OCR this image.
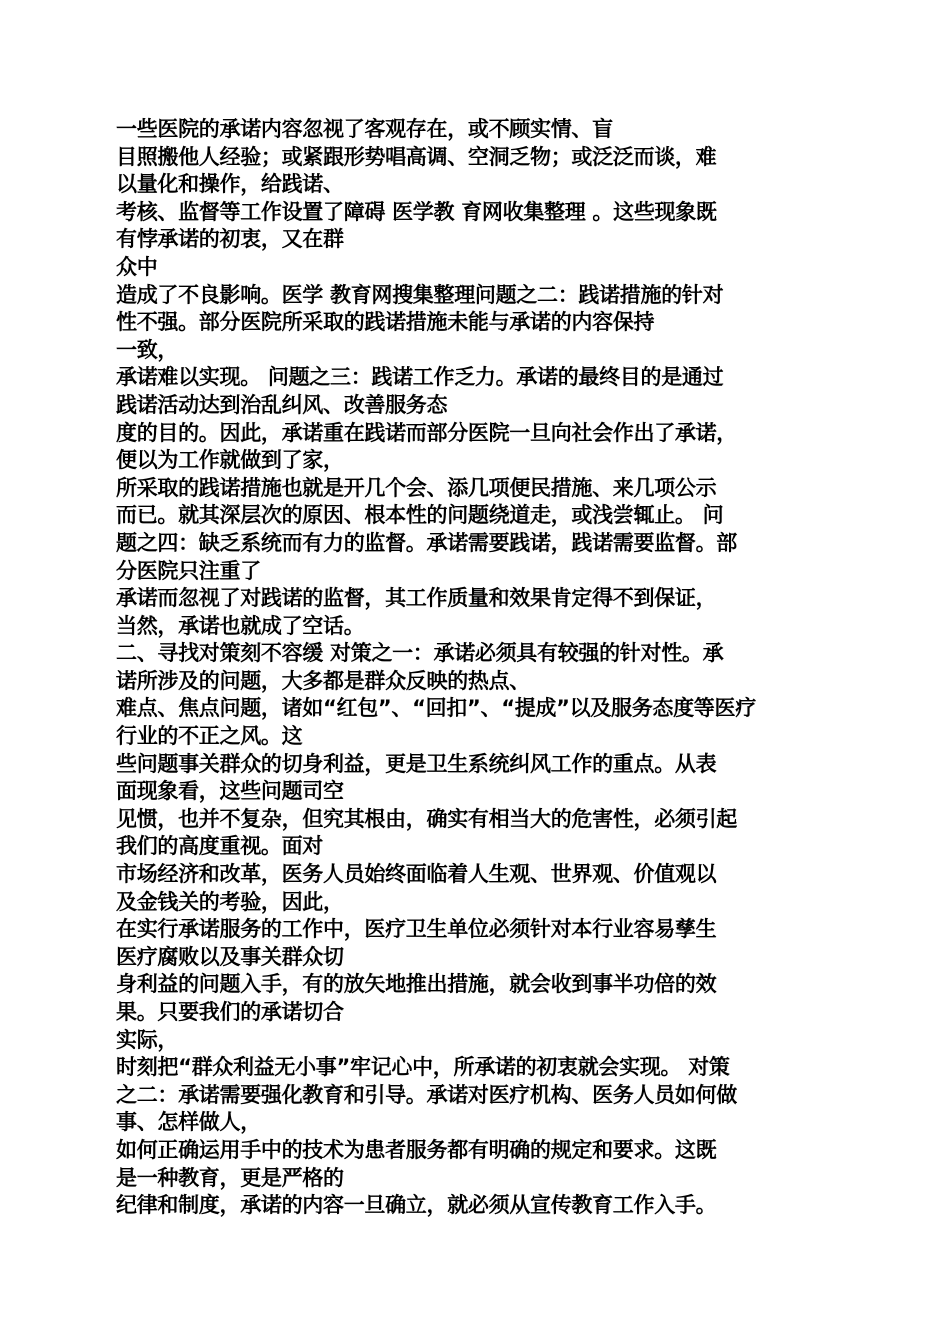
一些医院的承诺内容忽视了客观存在，或不顾实情、盲
目照搬他人经验；或紧跟形势唱高调、空洞乏物；或泛泛而谈，难
以量化和操作，给践诺、
考核、监督等工作设置了障碍 医学教 育网收集整理 。这些现象既
有悖承诺的初衷，又在群
众中
造成了不良影响。医学 教育网搜集整理问题之二：践诺措施的针对
性不强。部分医院所采取的践诺措施未能与承诺的内容保持
一致，
承诺难以实现。 问题之三：践诺工作乏力。承诺的最终目的是通过
践诺活动达到治乱纠风、改善服务态
度的目的。因此，承诺重在践诺而部分医院一旦向社会作出了承诺，
便以为工作就做到了家，
所采取的践诺措施也就是开几个会、添几项便民措施、来几项公示
而已。就其深层次的原因、根本性的问题绕道走，或浅尝辄止。 问
题之四：缺乏系统而有力的监督。承诺需要践诺，践诺需要监督。部
分医院只注重了
承诺而忽视了对践诺的监督，其工作质量和效果肯定得不到保证，
当然，承诺也就成了空话。
二、寻找对策刻不容缓 对策之一：承诺必须具有较强的针对性。承
诺所涉及的问题，大多都是群众反映的热点、
难点、焦点问题，诸如“红包”、“回扣”、“提成”以及服务态度等医疗
行业的不正之风。这
些问题事关群众的切身利益，更是卫生系统纠风工作的重点。从表
面现象看，这些问题司空
见惯，也并不复杂，但究其根由，确实有相当大的危害性，必须引起
我们的高度重视。面对
市场经济和改革，医务人员始终面临着人生观、世界观、价值观以
及金钱关的考验，因此，
在实行承诺服务的工作中，医疗卫生单位必须针对本行业容易孳生
医疗腐败以及事关群众切
身利益的问题入手，有的放矢地推出措施，就会收到事半功倍的效
果。只要我们的承诺切合
实际，
时刻把“群众利益无小事”牢记心中，所承诺的初衷就会实现。 对策
之二：承诺需要强化教育和引导。承诺对医疗机构、医务人员如何做
事、怎样做人，
如何正确运用手中的技术为患者服务都有明确的规定和要求。这既
是一种教育，更是严格的
纪律和制度，承诺的内容一旦确立，就必须从宣传教育工作入手。
